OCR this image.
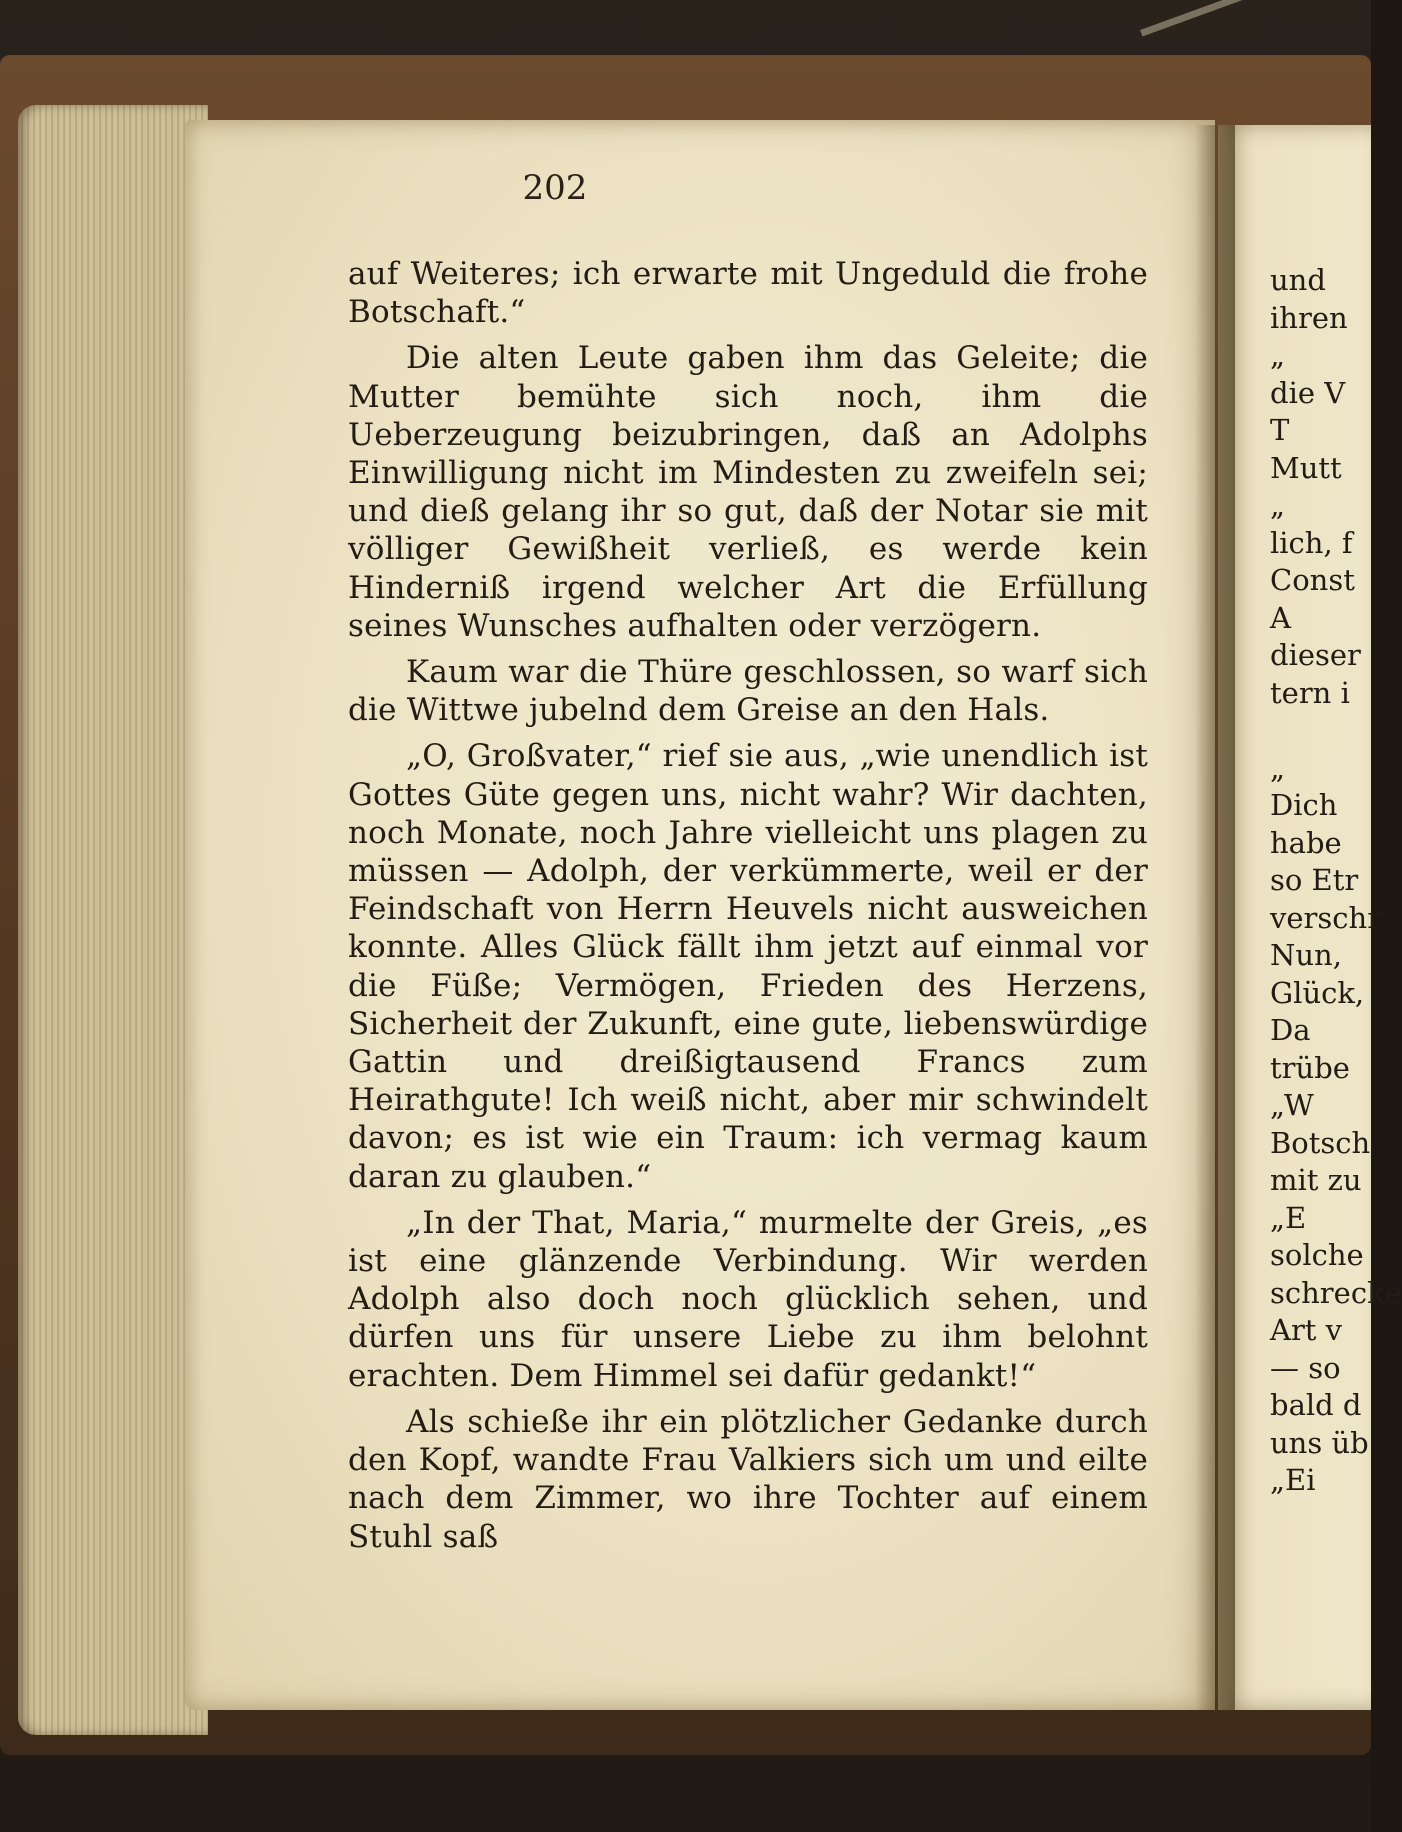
202

auf Weiteres; ich erwarte mit Ungeduld die frohe Botschaft.“

Die alten Leute gaben ihm das Geleite; die Mutter bemühte sich noch, ihm die Ueberzeugung beizubringen, daß an Adolphs Einwilligung nicht im Mindesten zu zweifeln sei; und dieß gelang ihr so gut, daß der Notar sie mit völliger Gewißheit verließ, es werde kein Hinderniß irgend welcher Art die Erfüllung seines Wunsches aufhalten oder verzögern.

Kaum war die Thüre geschlossen, so warf sich die Wittwe jubelnd dem Greise an den Hals.

„O, Großvater,“ rief sie aus, „wie unendlich ist Gottes Güte gegen uns, nicht wahr? Wir dachten, noch Monate, noch Jahre vielleicht uns plagen zu müssen — Adolph, der verkümmerte, weil er der Feindschaft von Herrn Heuvels nicht ausweichen konnte. Alles Glück fällt ihm jetzt auf einmal vor die Füße; Vermögen, Frieden des Herzens, Sicherheit der Zukunft, eine gute, liebenswürdige Gattin und dreißigtausend Francs zum Heirathgute! Ich weiß nicht, aber mir schwindelt davon; es ist wie ein Traum: ich vermag kaum daran zu glauben.“

„In der That, Maria,“ murmelte der Greis, „es ist eine glänzende Verbindung. Wir werden Adolph also doch noch glücklich sehen, und dürfen uns für unsere Liebe zu ihm belohnt erachten. Dem Himmel sei dafür gedankt!“

Als schieße ihr ein plötzlicher Gedanke durch den Kopf, wandte Frau Valkiers sich um und eilte nach dem Zimmer, wo ihre Tochter auf einem Stuhl saß

und
ihren
„
die V
T
Mutt
„
lich, f
Const
A
dieser
tern i
„
Dich
habe
so Etr
verschr
Nun,
Glück,
Da
trübe
„W
Botsch
mit zu
„E
solche
schrecke
Art v
— so
bald d
uns üb
„Ei
